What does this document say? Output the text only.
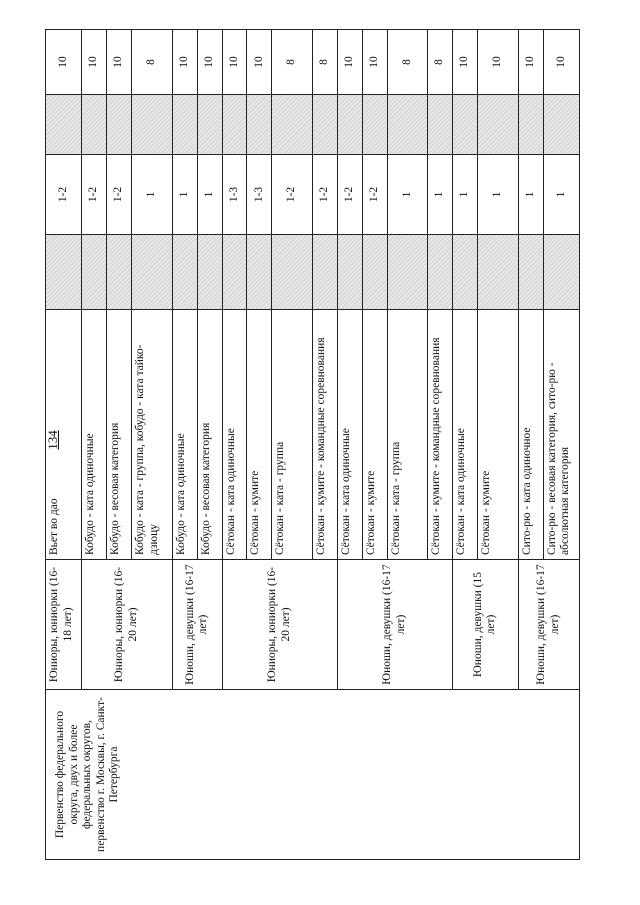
134
Первенство федерального округа, двух и более федеральных округов, первенство г. Москвы, г. Санкт-Петербурга	Юниоры, юниорки (16-18 лет)	Вьет во дао		1-2		10
	Юниоры, юниорки (16-20 лет)	Кобудо - ката одиночные		1-2		10
		Кобудо - весовая категория		1-2		10
		Кобудо - ката - группа, кобудо - ката тайко-дзюцу		1		8
	Юноши, девушки (16-17 лет)	Кобудо - ката одиночные		1		10
		Кобудо - весовая категория		1		10
	Юниоры, юниорки (16-20 лет)	Сётокан - ката одиночные		1-3		10
		Сётокан - кумите		1-3		10
		Сётокан - ката - группа		1-2		8
		Сётокан - кумите - командные соревнования		1-2		8
	Юноши, девушки (16-17 лет)	Сётокан - ката одиночные		1-2		10
		Сётокан - кумите		1-2		10
		Сётокан - ката - группа		1		8
		Сётокан - кумите - командные соревнования		1		8
	Юноши, девушки (15 лет)	Сётокан - ката одиночные		1		10
		Сётокан - кумите		1		10
	Юноши, девушки (16-17 лет)	Сито-рю - ката одиночное		1		10
		Сито-рю - весовая категория, сито-рю - абсолютная категория		1		10
